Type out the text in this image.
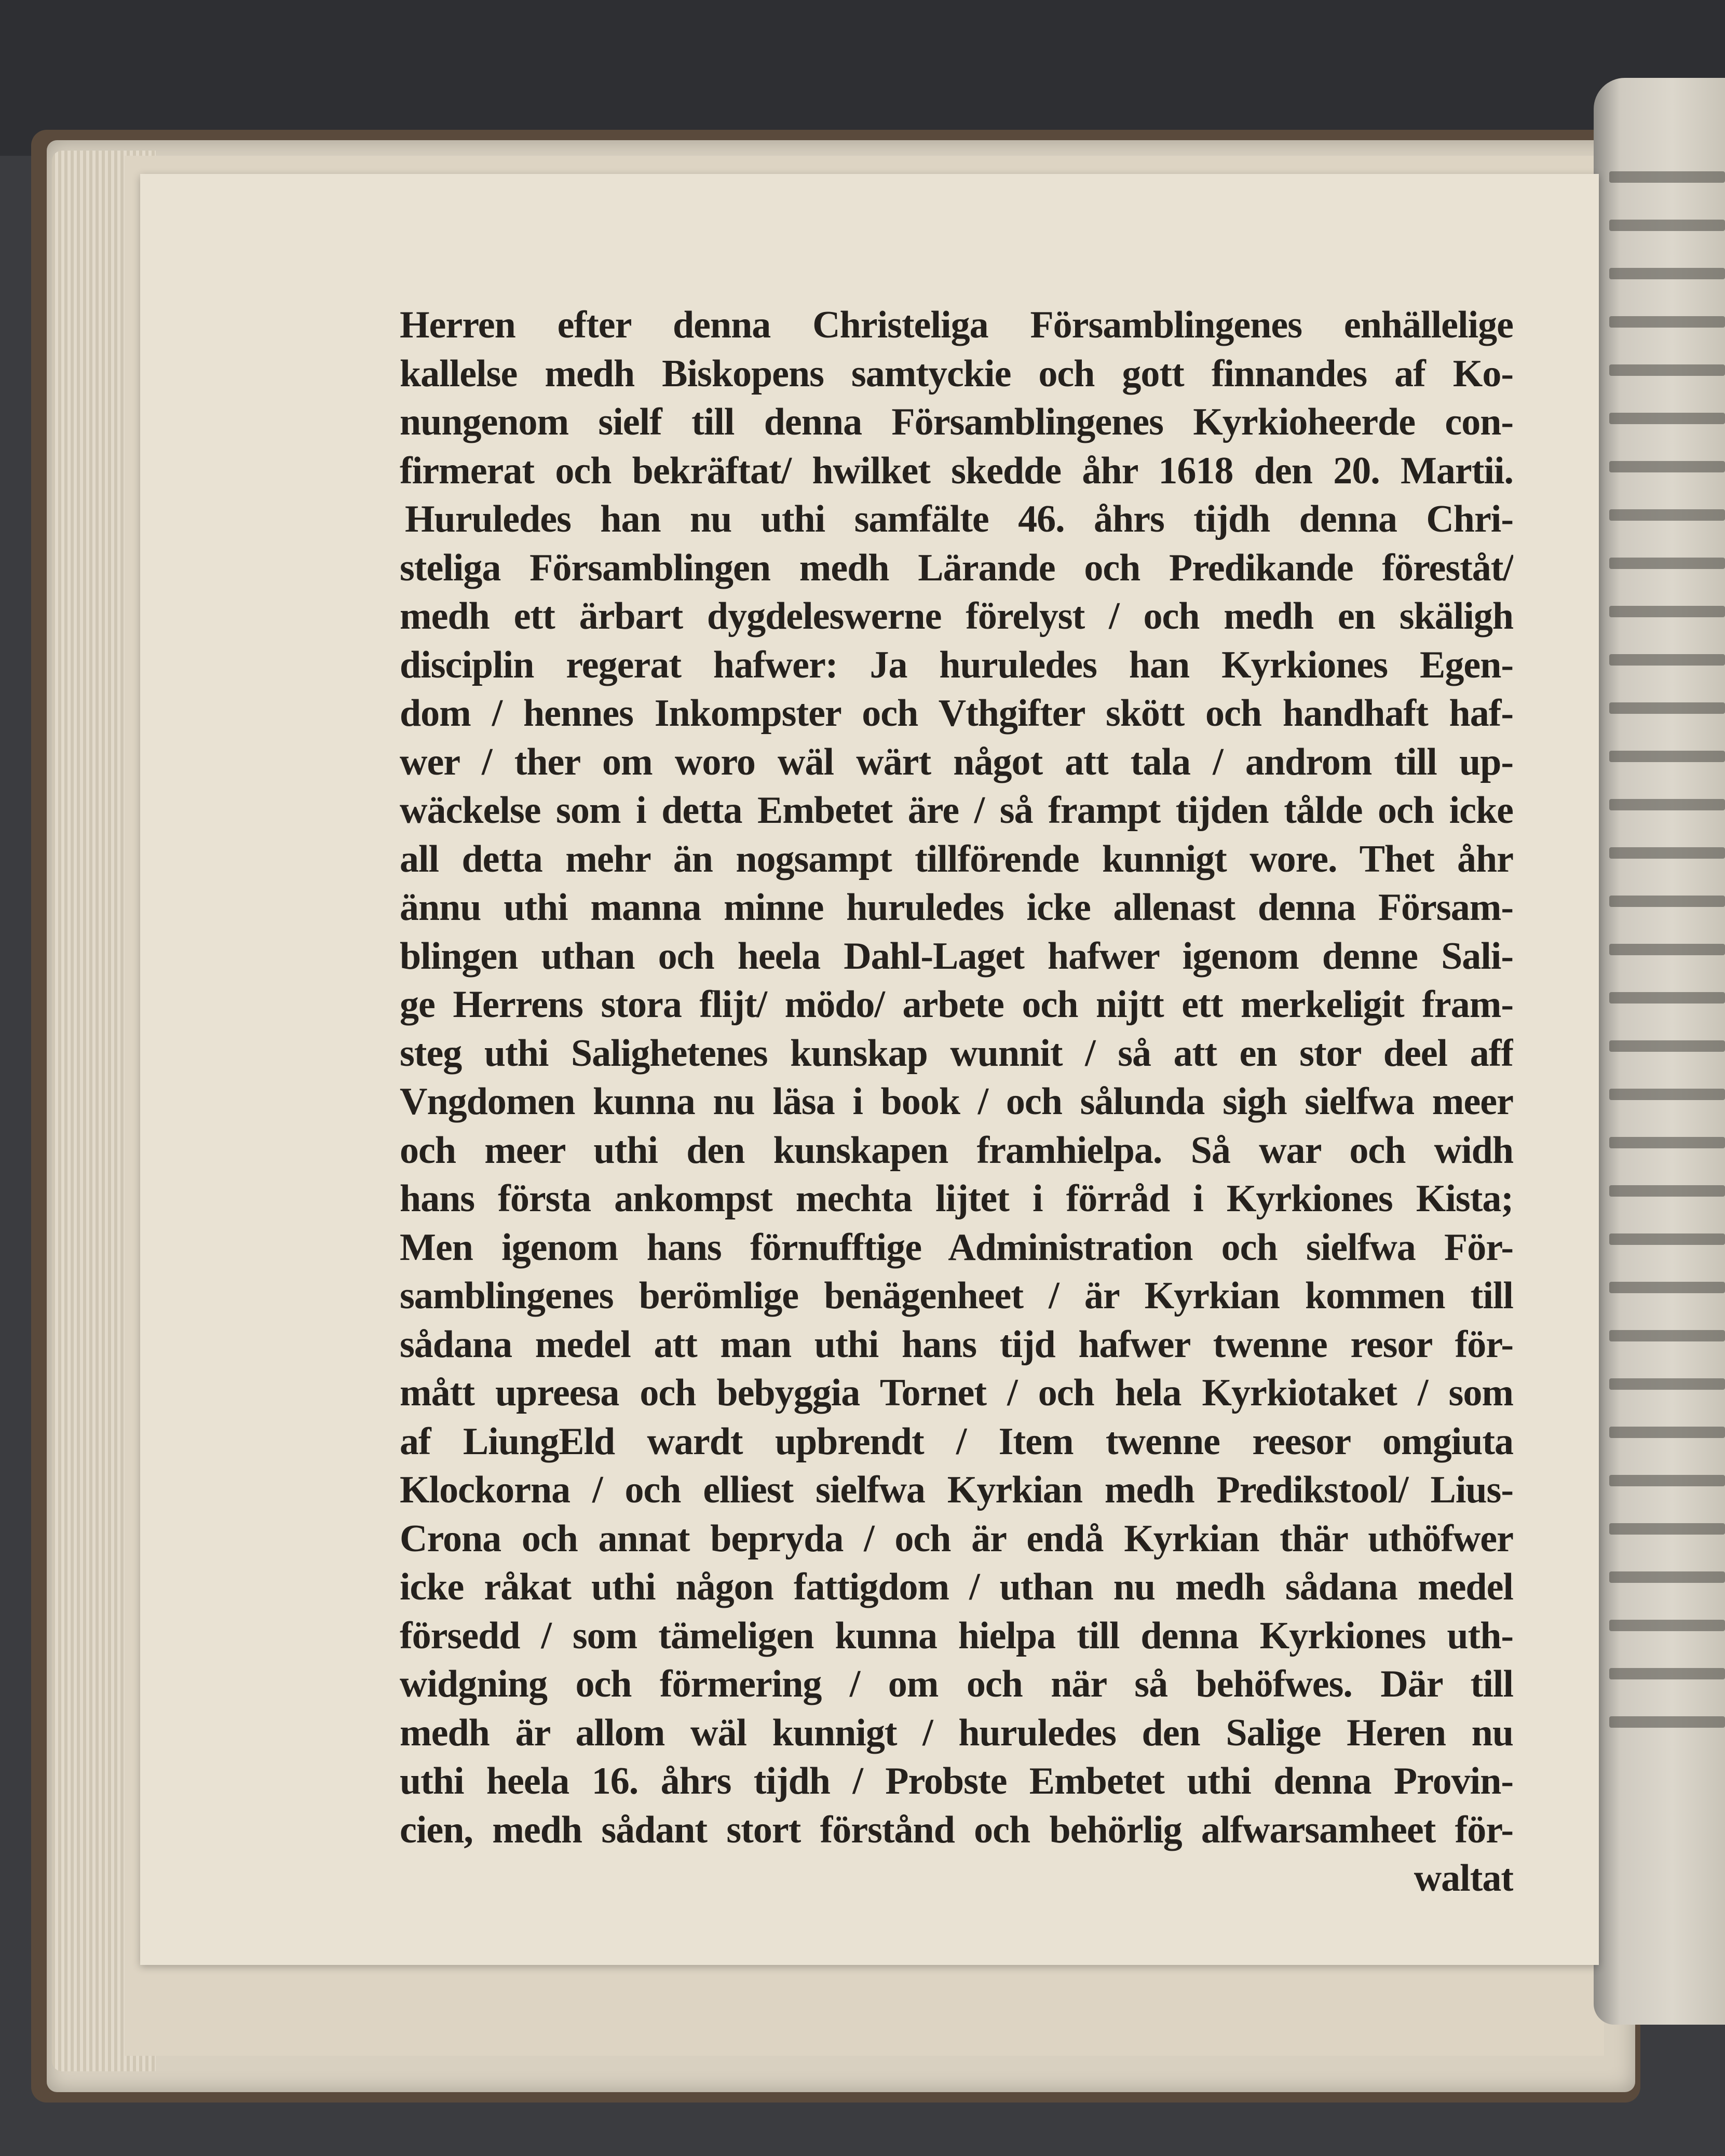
Herren efter denna Christeliga Församblingenes enhällelige
kallelse medh Biskopens samtyckie och gott finnandes af Ko-
nungenom sielf till denna Församblingenes Kyrkioheerde con-
firmerat och bekräftat/ hwilket skedde åhr 1618 den 20. Martii.
Huruledes han nu uthi samfälte 46. åhrs tijdh denna Chri-
steliga Församblingen medh Lärande och Predikande föreståt/
medh ett ärbart dygdeleswerne förelyst / och medh en skäligh
disciplin regerat hafwer: Ja huruledes han Kyrkiones Egen-
dom / hennes Inkompster och Vthgifter skött och handhaft haf-
wer / ther om woro wäl wärt något att tala / androm till up-
wäckelse som i detta Embetet äre / så frampt tijden tålde och icke
all detta mehr än nogsampt tillförende kunnigt wore. Thet åhr
ännu uthi manna minne huruledes icke allenast denna Försam-
blingen uthan och heela Dahl-Laget hafwer igenom denne Sali-
ge Herrens stora flijt/ mödo/ arbete och nijtt ett merkeligit fram-
steg uthi Salighetenes kunskap wunnit / så att en stor deel aff
Vngdomen kunna nu läsa i book / och sålunda sigh sielfwa meer
och meer uthi den kunskapen framhielpa. Så war och widh
hans första ankompst mechta lijtet i förråd i Kyrkiones Kista;
Men igenom hans förnufftige Administration och sielfwa För-
samblingenes berömlige benägenheet / är Kyrkian kommen till
sådana medel att man uthi hans tijd hafwer twenne resor för-
mått upreesa och bebyggia Tornet / och hela Kyrkiotaket / som
af LiungEld wardt upbrendt / Item twenne reesor omgiuta
Klockorna / och elliest sielfwa Kyrkian medh Predikstool/ Lius-
Crona och annat bepryda / och är endå Kyrkian thär uthöfwer
icke råkat uthi någon fattigdom / uthan nu medh sådana medel
försedd / som tämeligen kunna hielpa till denna Kyrkiones uth-
widgning och förmering / om och när så behöfwes. Där till
medh är allom wäl kunnigt / huruledes den Salige Heren nu
uthi heela 16. åhrs tijdh / Probste Embetet uthi denna Provin-
cien, medh sådant stort förstånd och behörlig alfwarsamheet för-
waltat
